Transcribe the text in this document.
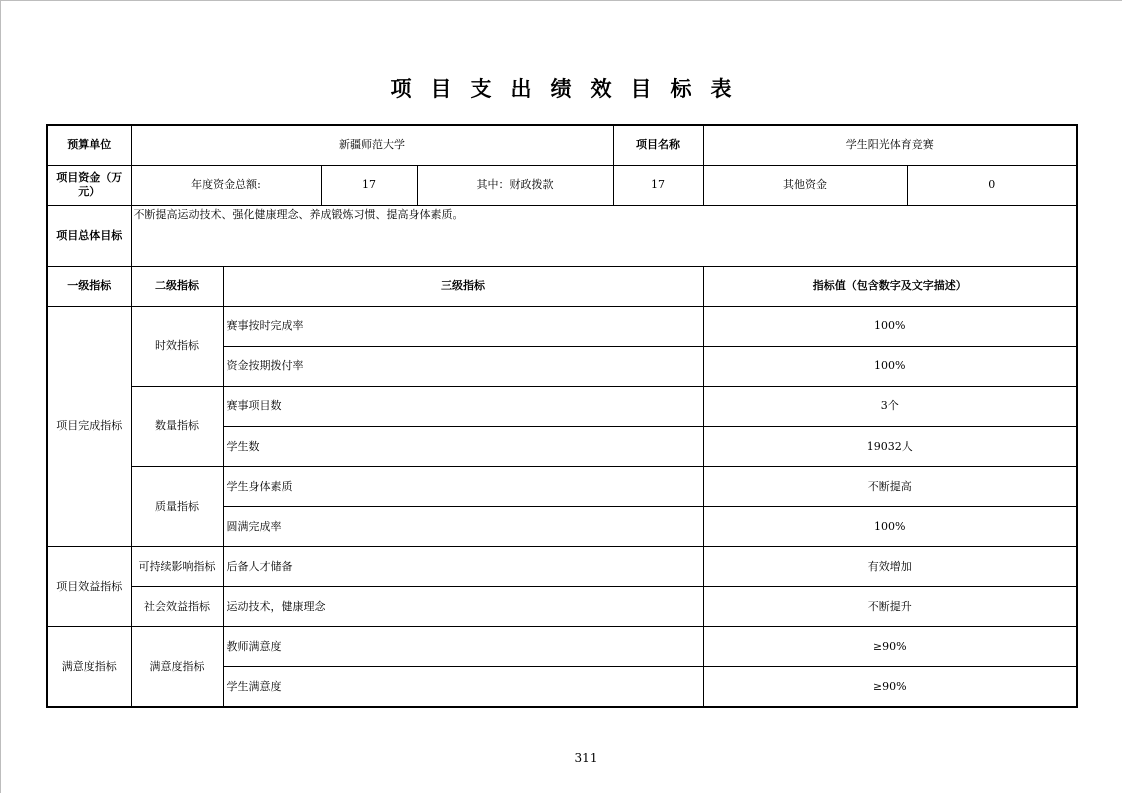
项目支出绩效目标表
预算单位	新疆师范大学				项目名称	学生阳光体育竞赛	
项目资金（万元）	年度资金总额:		17	其中：财政拨款	17	其他资金	0
项目总体目标	不断提高运动技术、强化健康理念、养成锻炼习惯、提高身体素质。						
一级指标	二级指标	三级指标				指标值（包含数字及文字描述）	
项目完成指标	时效指标	赛事按时完成率				100%	
		资金按期拨付率				100%	
	数量指标	赛事项目数				3个	
		学生数				19032人	
	质量指标	学生身体素质				不断提高	
		圆满完成率				100%	
项目效益指标	可持续影响指标	后备人才储备				有效增加	
	社会效益指标	运动技术，健康理念				不断提升	
满意度指标	满意度指标	教师满意度				≥90%	
		学生满意度				≥90%	
311
